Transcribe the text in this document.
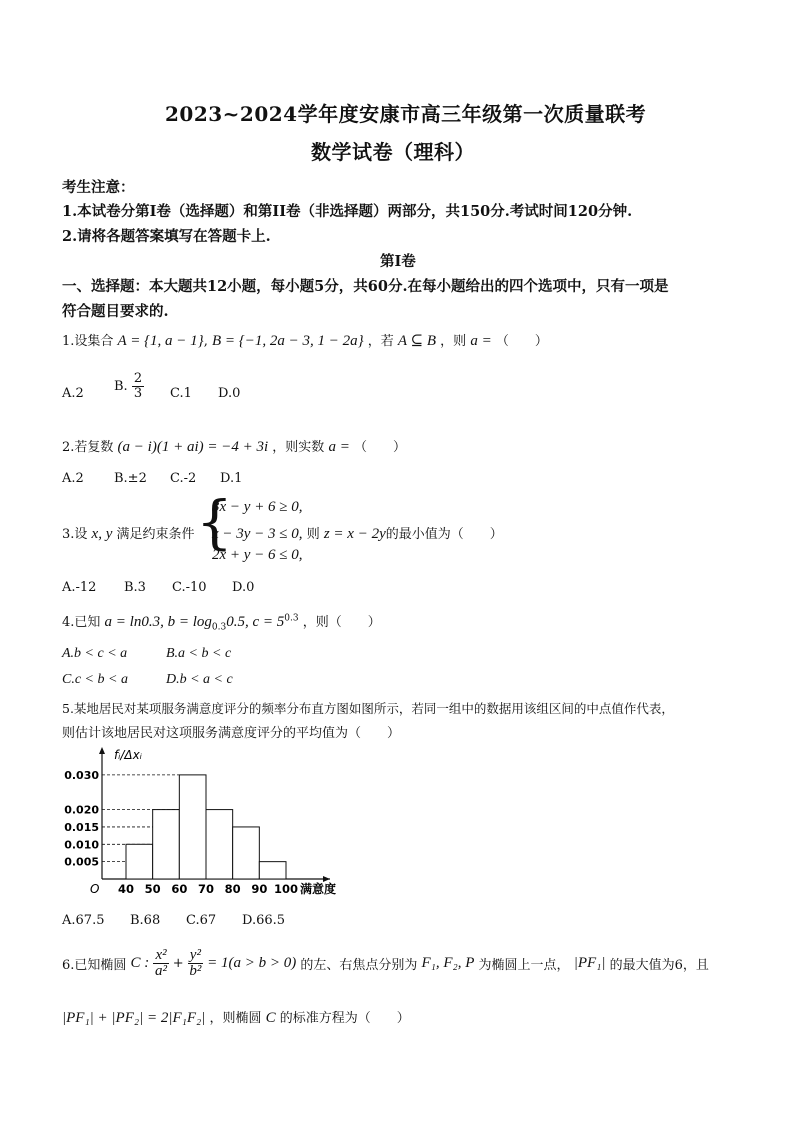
2023~2024学年度安康市高三年级第一次质量联考
数学试卷（理科）
考生注意：
1.本试卷分第I卷（选择题）和第II卷（非选择题）两部分，共150分.考试时间120分钟.
2.请将各题答案填写在答题卡上.
第I卷
一、选择题：本大题共12小题，每小题5分，共60分.在每小题给出的四个选项中，只有一项是
符合题目要求的.
1.设集合 A = {1, a − 1}, B = {−1, 2a − 3, 1 − 2a} ，若 A ⊆ B ，则 a = （　　）
A.2 B. $\frac{2}{3} C.1$ D.0
2.若复数 (a − i)(1 + ai) = −4 + 3i ，则实数 a = （　　）
A.2 B.±2 C.-2 D.1
3.设 x, y 满足约束条件 {
3x − y + 6 ≥ 0,
x − 3y − 3 ≤ 0, 则 z = x − 2y的最小值为（　　）
2x + y − 6 ≤ 0,
A.-12 B.3 C.-10 D.0
4.已知 a = ln0.3, $b = \log_{0.3}0.5$, $c = 5^{0.3}$ ，则（　　）
A.b < c < a	B.a < b < c
C.c < b < a	D.b < a < c
5.某地居民对某项服务满意度评分的频率分布直方图如图所示，若同一组中的数据用该组区间的中点值作代表，
则估计该地居民对这项服务满意度评分的平均值为（　　）
fᵢ/Δxᵢ
O
0.030
0.020
0.015
0.010
0.005
40 50 60 70 80 90 100 满意度
A.67.5 B.68 C.67 D.66.5
6.已知椭圆 C : $\frac{\text{x²}}{\text{a²}} + \frac{\text{y²}}{\text{b²}} = 1(a > b > 0)$ 的左、右焦点分别为 F₁, F₂, P 为椭圆上一点， |PF₁| 的最大值为6，且
|PF₁| + |PF₂| = 2|F₁F₂| ，则椭圆 C 的标准方程为（　　）
